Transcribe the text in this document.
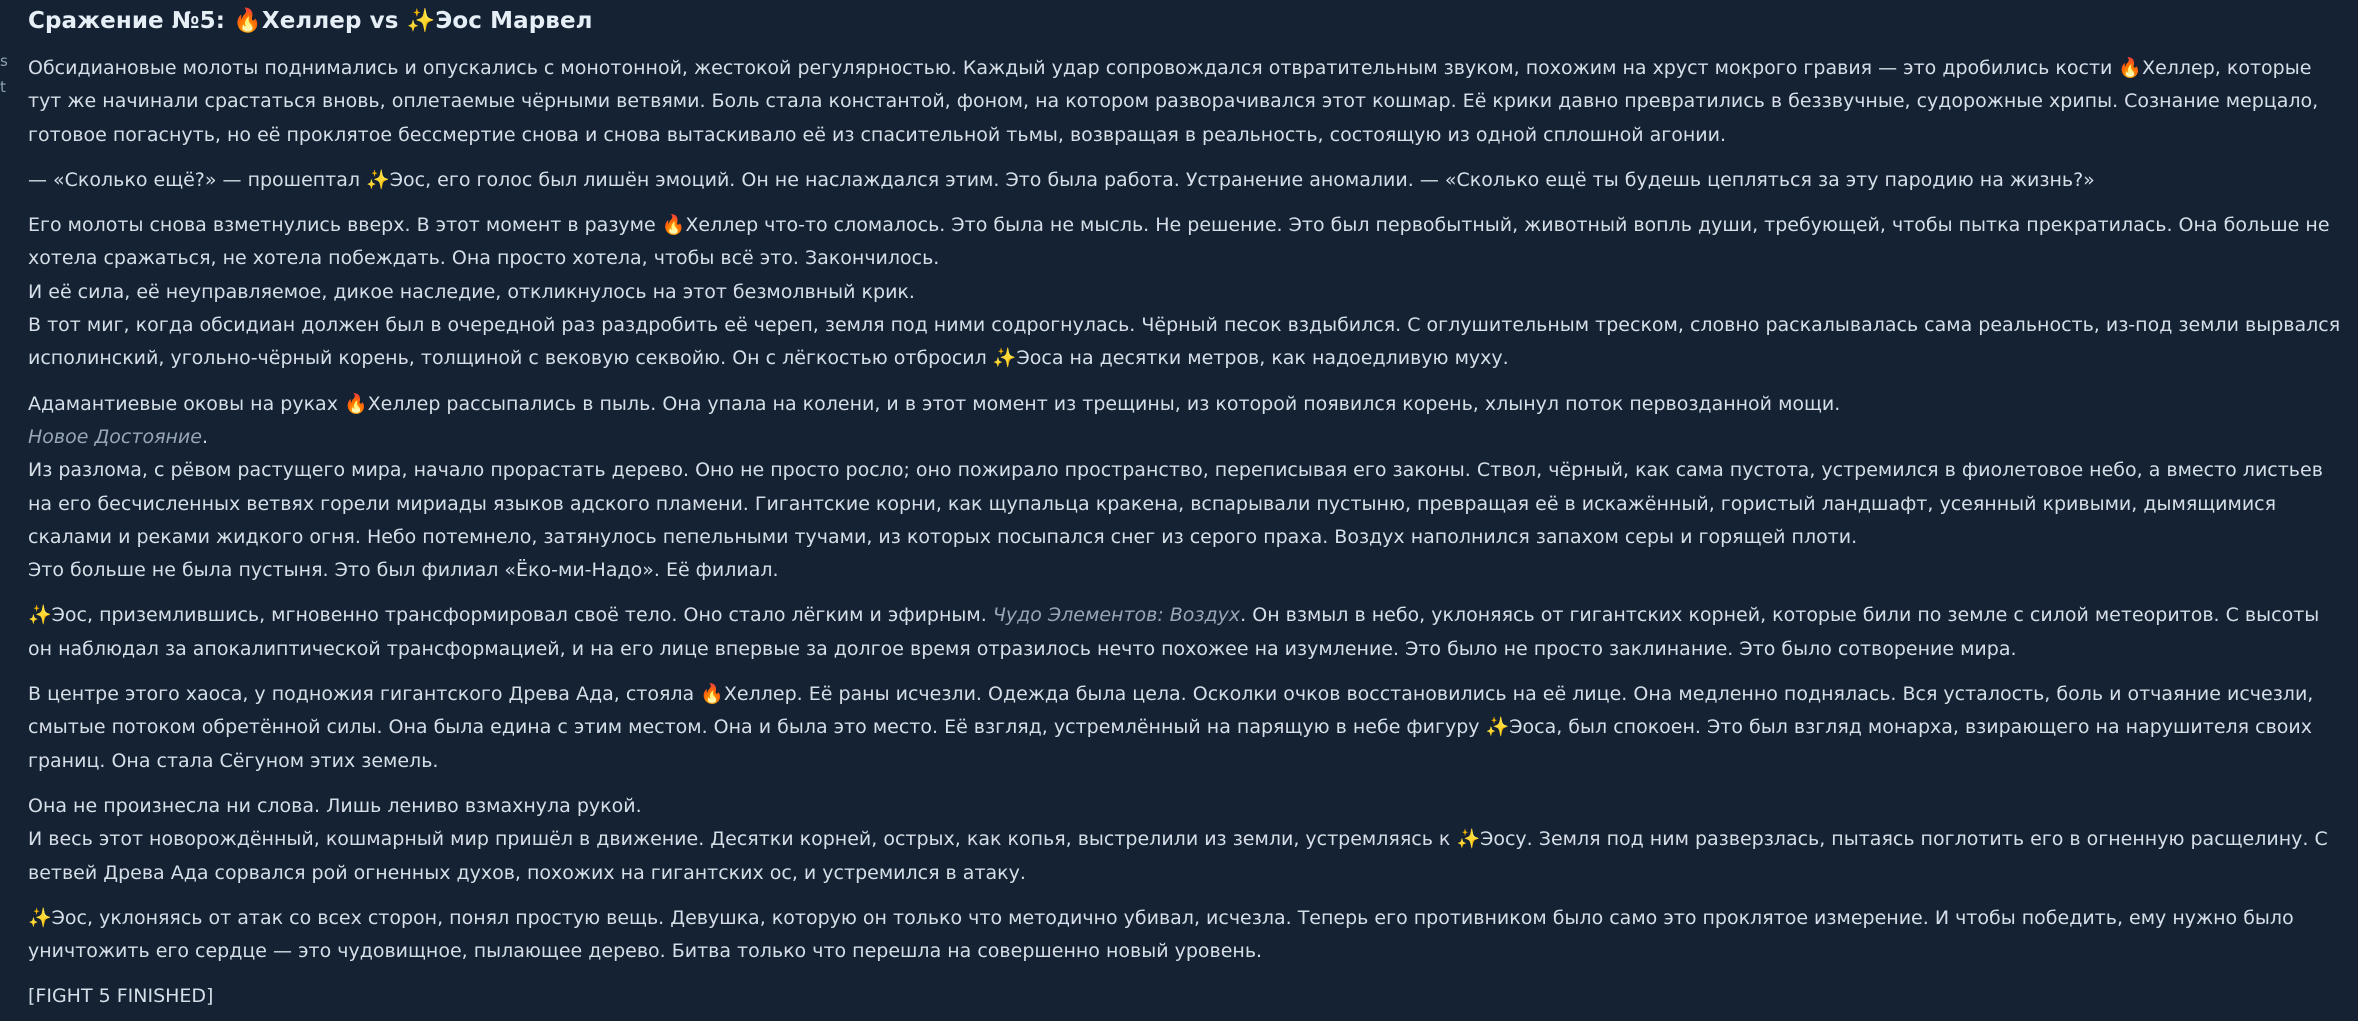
s
t
Сражение №5: 🔥Хеллер vs ✨Эос Марвел

Обсидиановые молоты поднимались и опускались с монотонной, жестокой регулярностью. Каждый удар сопровождался отвратительным звуком, похожим на хруст мокрого гравия — это дробились кости 🔥Хеллер, которые тут же начинали срастаться вновь, оплетаемые чёрными ветвями. Боль стала константой, фоном, на котором разворачивался этот кошмар. Её крики давно превратились в беззвучные, судорожные хрипы. Сознание мерцало, готовое погаснуть, но её проклятое бессмертие снова и снова вытаскивало её из спасительной тьмы, возвращая в реальность, состоящую из одной сплошной агонии.

— «Сколько ещё?» — прошептал ✨Эос, его голос был лишён эмоций. Он не наслаждался этим. Это была работа. Устранение аномалии. — «Сколько ещё ты будешь цепляться за эту пародию на жизнь?»

Его молоты снова взметнулись вверх. В этот момент в разуме 🔥Хеллер что-то сломалось. Это была не мысль. Не решение. Это был первобытный, животный вопль души, требующей, чтобы пытка прекратилась. Она больше не хотела сражаться, не хотела побеждать. Она просто хотела, чтобы всё это. Закончилось.
И её сила, её неуправляемое, дикое наследие, откликнулось на этот безмолвный крик.
В тот миг, когда обсидиан должен был в очередной раз раздробить её череп, земля под ними содрогнулась. Чёрный песок вздыбился. С оглушительным треском, словно раскалывалась сама реальность, из-под земли вырвался исполинский, угольно-чёрный корень, толщиной с вековую секвойю. Он с лёгкостью отбросил ✨Эоса на десятки метров, как надоедливую муху.

Адамантиевые оковы на руках 🔥Хеллер рассыпались в пыль. Она упала на колени, и в этот момент из трещины, из которой появился корень, хлынул поток первозданной мощи.
Новое Достояние.
Из разлома, с рёвом растущего мира, начало прорастать дерево. Оно не просто росло; оно пожирало пространство, переписывая его законы. Ствол, чёрный, как сама пустота, устремился в фиолетовое небо, а вместо листьев на его бесчисленных ветвях горели мириады языков адского пламени. Гигантские корни, как щупальца кракена, вспарывали пустыню, превращая её в искажённый, гористый ландшафт, усеянный кривыми, дымящимися скалами и реками жидкого огня. Небо потемнело, затянулось пепельными тучами, из которых посыпался снег из серого праха. Воздух наполнился запахом серы и горящей плоти.
Это больше не была пустыня. Это был филиал «Ёко-ми-Надо». Её филиал.

✨Эос, приземлившись, мгновенно трансформировал своё тело. Оно стало лёгким и эфирным. Чудо Элементов: Воздух. Он взмыл в небо, уклоняясь от гигантских корней, которые били по земле с силой метеоритов. С высоты он наблюдал за апокалиптической трансформацией, и на его лице впервые за долгое время отразилось нечто похожее на изумление. Это было не просто заклинание. Это было сотворение мира.

В центре этого хаоса, у подножия гигантского Древа Ада, стояла 🔥Хеллер. Её раны исчезли. Одежда была цела. Осколки очков восстановились на её лице. Она медленно поднялась. Вся усталость, боль и отчаяние исчезли, смытые потоком обретённой силы. Она была едина с этим местом. Она и была это место. Её взгляд, устремлённый на парящую в небе фигуру ✨Эоса, был спокоен. Это был взгляд монарха, взирающего на нарушителя своих границ. Она стала Сёгуном этих земель.

Она не произнесла ни слова. Лишь лениво взмахнула рукой.
И весь этот новорождённый, кошмарный мир пришёл в движение. Десятки корней, острых, как копья, выстрелили из земли, устремляясь к ✨Эосу. Земля под ним разверзлась, пытаясь поглотить его в огненную расщелину. С ветвей Древа Ада сорвался рой огненных духов, похожих на гигантских ос, и устремился в атаку.

✨Эос, уклоняясь от атак со всех сторон, понял простую вещь. Девушка, которую он только что методично убивал, исчезла. Теперь его противником было само это проклятое измерение. И чтобы победить, ему нужно было уничтожить его сердце — это чудовищное, пылающее дерево. Битва только что перешла на совершенно новый уровень.

[FIGHT 5 FINISHED]
